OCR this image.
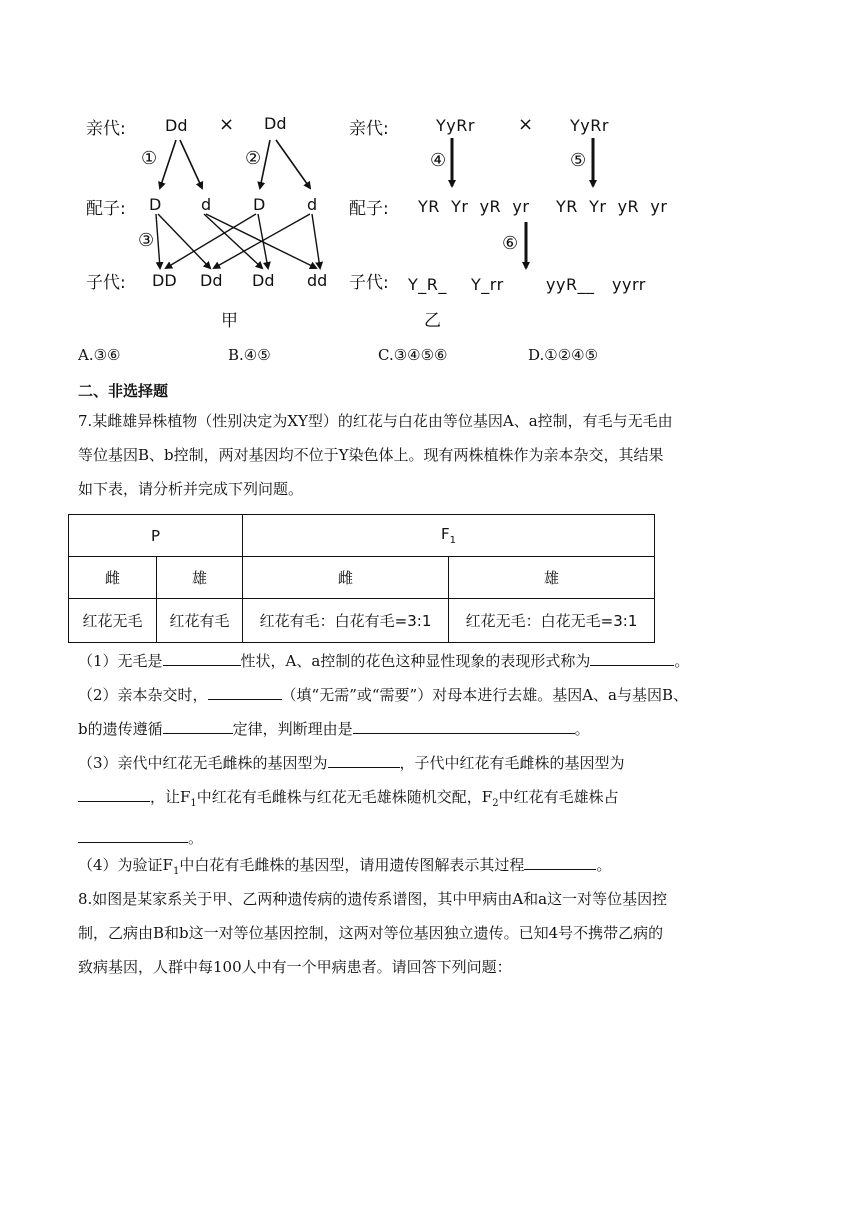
亲代: Dd × Dd
①	②
配子: D d	D	d
③
子代: DD Dd Dd dd
甲
亲代:	YyRr × YyRr
④	⑤
配子: YR  Yr  yR  yr YR  Yr  yR  yr
⑥
子代: Y_R_ Y_rr	yyR__ yyrr
乙
A.③⑥	B.④⑤	C.③④⑤⑥	D.①②④⑤
二、非选择题
7.某雌雄异株植物（性别决定为XY型）的红花与白花由等位基因A、a控制，有毛与无毛由
等位基因B、b控制，两对基因均不位于Y染色体上。现有两株植株作为亲本杂交，其结果
如下表，请分析并完成下列问题。
P		$F_1$
雌	雄	雌	雄
红花无毛	红花有毛	红花有毛：白花有毛=3:1	红花无毛：白花无毛=3:1
（1）无毛是	性状，A、a控制的花色这种显性现象的表现形式称为	。
（2）亲本杂交时，	（填“无需”或“需要”）对母本进行去雄。基因A、a与基因B、
b的遗传遵循	定律，判断理由是	。
（3）亲代中红花无毛雌株的基因型为	，子代中红花有毛雌株的基因型为
，让$F_1$中红花有毛雌株与红花无毛雄株随机交配，$F_2$中红花有毛雄株占
。
（4）为验证$F_1$中白花有毛雌株的基因型，请用遗传图解表示其过程	。
8.如图是某家系关于甲、乙两种遗传病的遗传系谱图，其中甲病由A和a这一对等位基因控
制，乙病由B和b这一对等位基因控制，这两对等位基因独立遗传。已知4号不携带乙病的
致病基因，人群中每100人中有一个甲病患者。请回答下列问题：
